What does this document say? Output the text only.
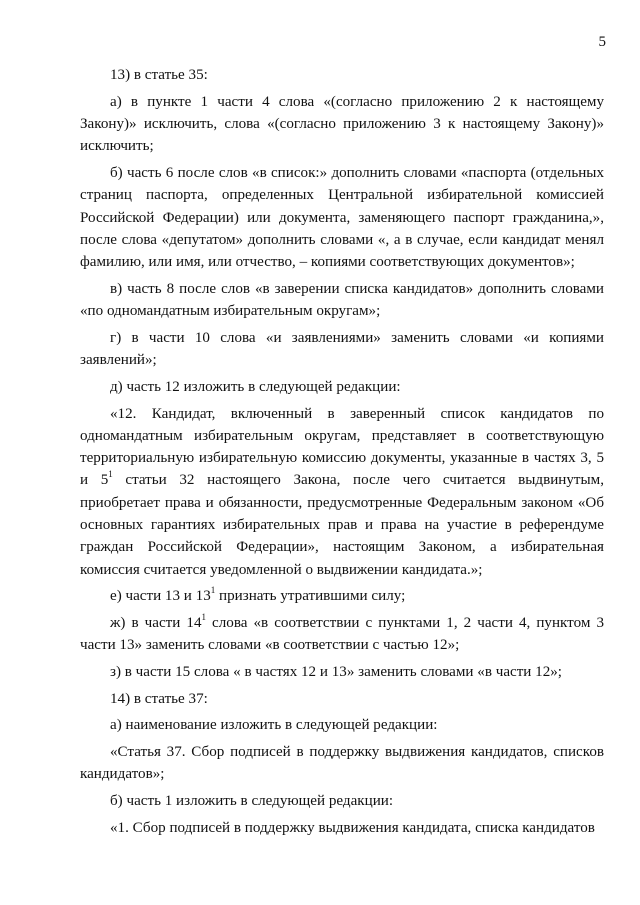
5

13) в статье 35:

а) в пункте 1 части 4 слова «(согласно приложению 2 к настоящему Закону)» исключить, слова «(согласно приложению 3 к настоящему Закону)» исключить;

б) часть 6 после слов «в список:» дополнить словами «паспорта (отдельных страниц паспорта, определенных Центральной избирательной комиссией Российской Федерации) или документа, заменяющего паспорт гражданина,», после слова «депутатом» дополнить словами «, а в случае, если кандидат менял фамилию, или имя, или отчество, – копиями соответствующих документов»;

в) часть 8 после слов «в заверении списка кандидатов» дополнить словами «по одномандатным избирательным округам»;

г) в части 10 слова «и заявлениями» заменить словами «и копиями заявлений»;

д) часть 12 изложить в следующей редакции:

«12. Кандидат, включенный в заверенный список кандидатов по одномандатным избирательным округам, представляет в соответствующую территориальную избирательную комиссию документы, указанные в частях 3, 5 и $5^1$ статьи 32 настоящего Закона, после чего считается выдвинутым, приобретает права и обязанности, предусмотренные Федеральным законом «Об основных гарантиях избирательных прав и права на участие в референдуме граждан Российской Федерации», настоящим Законом, а избирательная комиссия считается уведомленной о выдвижении кандидата.»;

е) части 13 и $13^1$ признать утратившими силу;

ж) в части $14^1$ слова «в соответствии с пунктами 1, 2 части 4, пунктом 3 части 13» заменить словами «в соответствии с частью 12»;

з) в части 15 слова « в частях 12 и 13» заменить словами «в части 12»;

14) в статье 37:

а) наименование изложить в следующей редакции:

«Статья 37. Сбор подписей в поддержку выдвижения кандидатов, списков кандидатов»;

б) часть 1 изложить в следующей редакции:

«1. Сбор подписей в поддержку выдвижения кандидата, списка кандидатов
